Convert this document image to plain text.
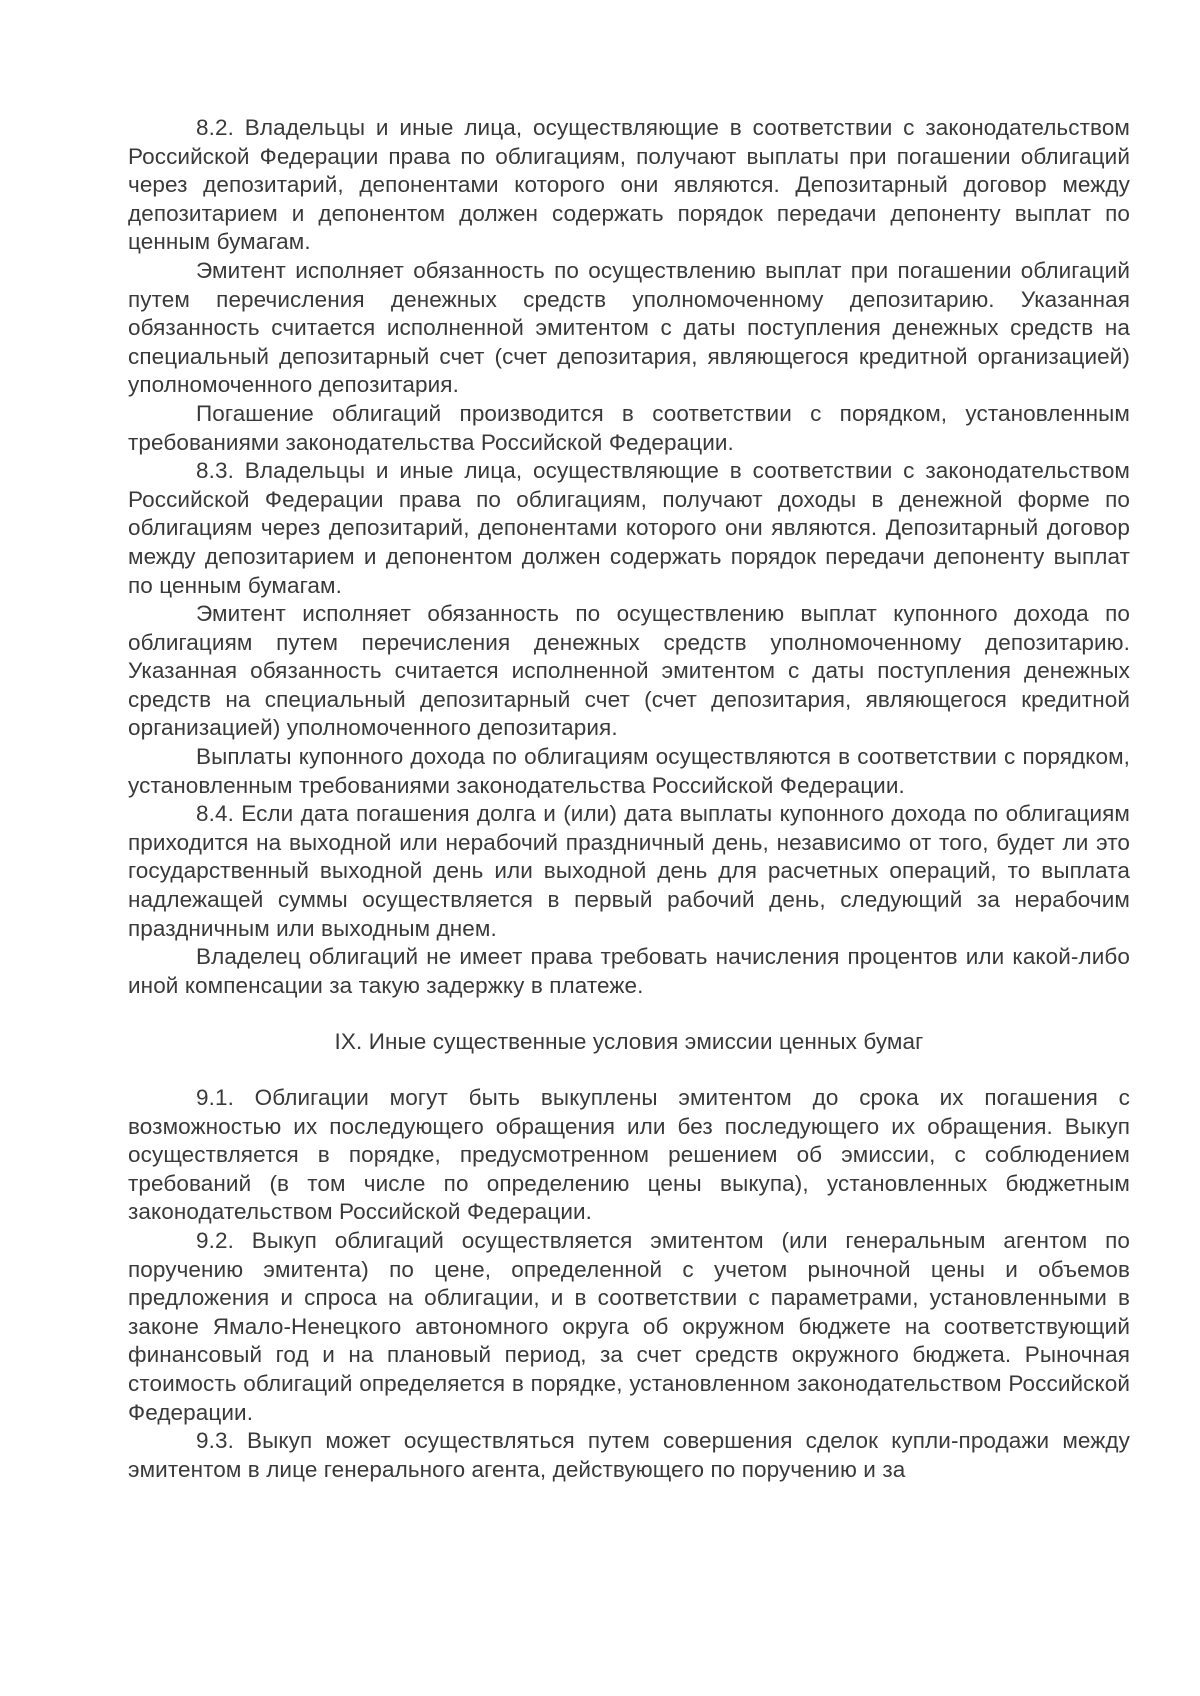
8.2. Владельцы и иные лица, осуществляющие в соответствии с законодательством Российской Федерации права по облигациям, получают выплаты при погашении облигаций через депозитарий, депонентами которого они являются. Депозитарный договор между депозитарием и депонентом должен содержать порядок передачи депоненту выплат по ценным бумагам.

Эмитент исполняет обязанность по осуществлению выплат при погашении облигаций путем перечисления денежных средств уполномоченному депозитарию. Указанная обязанность считается исполненной эмитентом с даты поступления денежных средств на специальный депозитарный счет (счет депозитария, являющегося кредитной организацией) уполномоченного депозитария.

Погашение облигаций производится в соответствии с порядком, установленным требованиями законодательства Российской Федерации.

8.3. Владельцы и иные лица, осуществляющие в соответствии с законодательством Российской Федерации права по облигациям, получают доходы в денежной форме по облигациям через депозитарий, депонентами которого они являются. Депозитарный договор между депозитарием и депонентом должен содержать порядок передачи депоненту выплат по ценным бумагам.

Эмитент исполняет обязанность по осуществлению выплат купонного дохода по облигациям путем перечисления денежных средств уполномоченному депозитарию. Указанная обязанность считается исполненной эмитентом с даты поступления денежных средств на специальный депозитарный счет (счет депозитария, являющегося кредитной организацией) уполномоченного депозитария.

Выплаты купонного дохода по облигациям осуществляются в соответствии с порядком, установленным требованиями законодательства Российской Федерации.

8.4. Если дата погашения долга и (или) дата выплаты купонного дохода по облигациям приходится на выходной или нерабочий праздничный день, независимо от того, будет ли это государственный выходной день или выходной день для расчетных операций, то выплата надлежащей суммы осуществляется в первый рабочий день, следующий за нерабочим праздничным или выходным днем.

Владелец облигаций не имеет права требовать начисления процентов или какой-либо иной компенсации за такую задержку в платеже.

IX. Иные существенные условия эмиссии ценных бумаг

9.1. Облигации могут быть выкуплены эмитентом до срока их погашения с возможностью их последующего обращения или без последующего их обращения. Выкуп осуществляется в порядке, предусмотренном решением об эмиссии, с соблюдением требований (в том числе по определению цены выкупа), установленных бюджетным законодательством Российской Федерации.

9.2. Выкуп облигаций осуществляется эмитентом (или генеральным агентом по поручению эмитента) по цене, определенной с учетом рыночной цены и объемов предложения и спроса на облигации, и в соответствии с параметрами, установленными в законе Ямало-Ненецкого автономного округа об окружном бюджете на соответствующий финансовый год и на плановый период, за счет средств окружного бюджета. Рыночная стоимость облигаций определяется в порядке, установленном законодательством Российской Федерации.

9.3. Выкуп может осуществляться путем совершения сделок купли-продажи между эмитентом в лице генерального агента, действующего по поручению и за
